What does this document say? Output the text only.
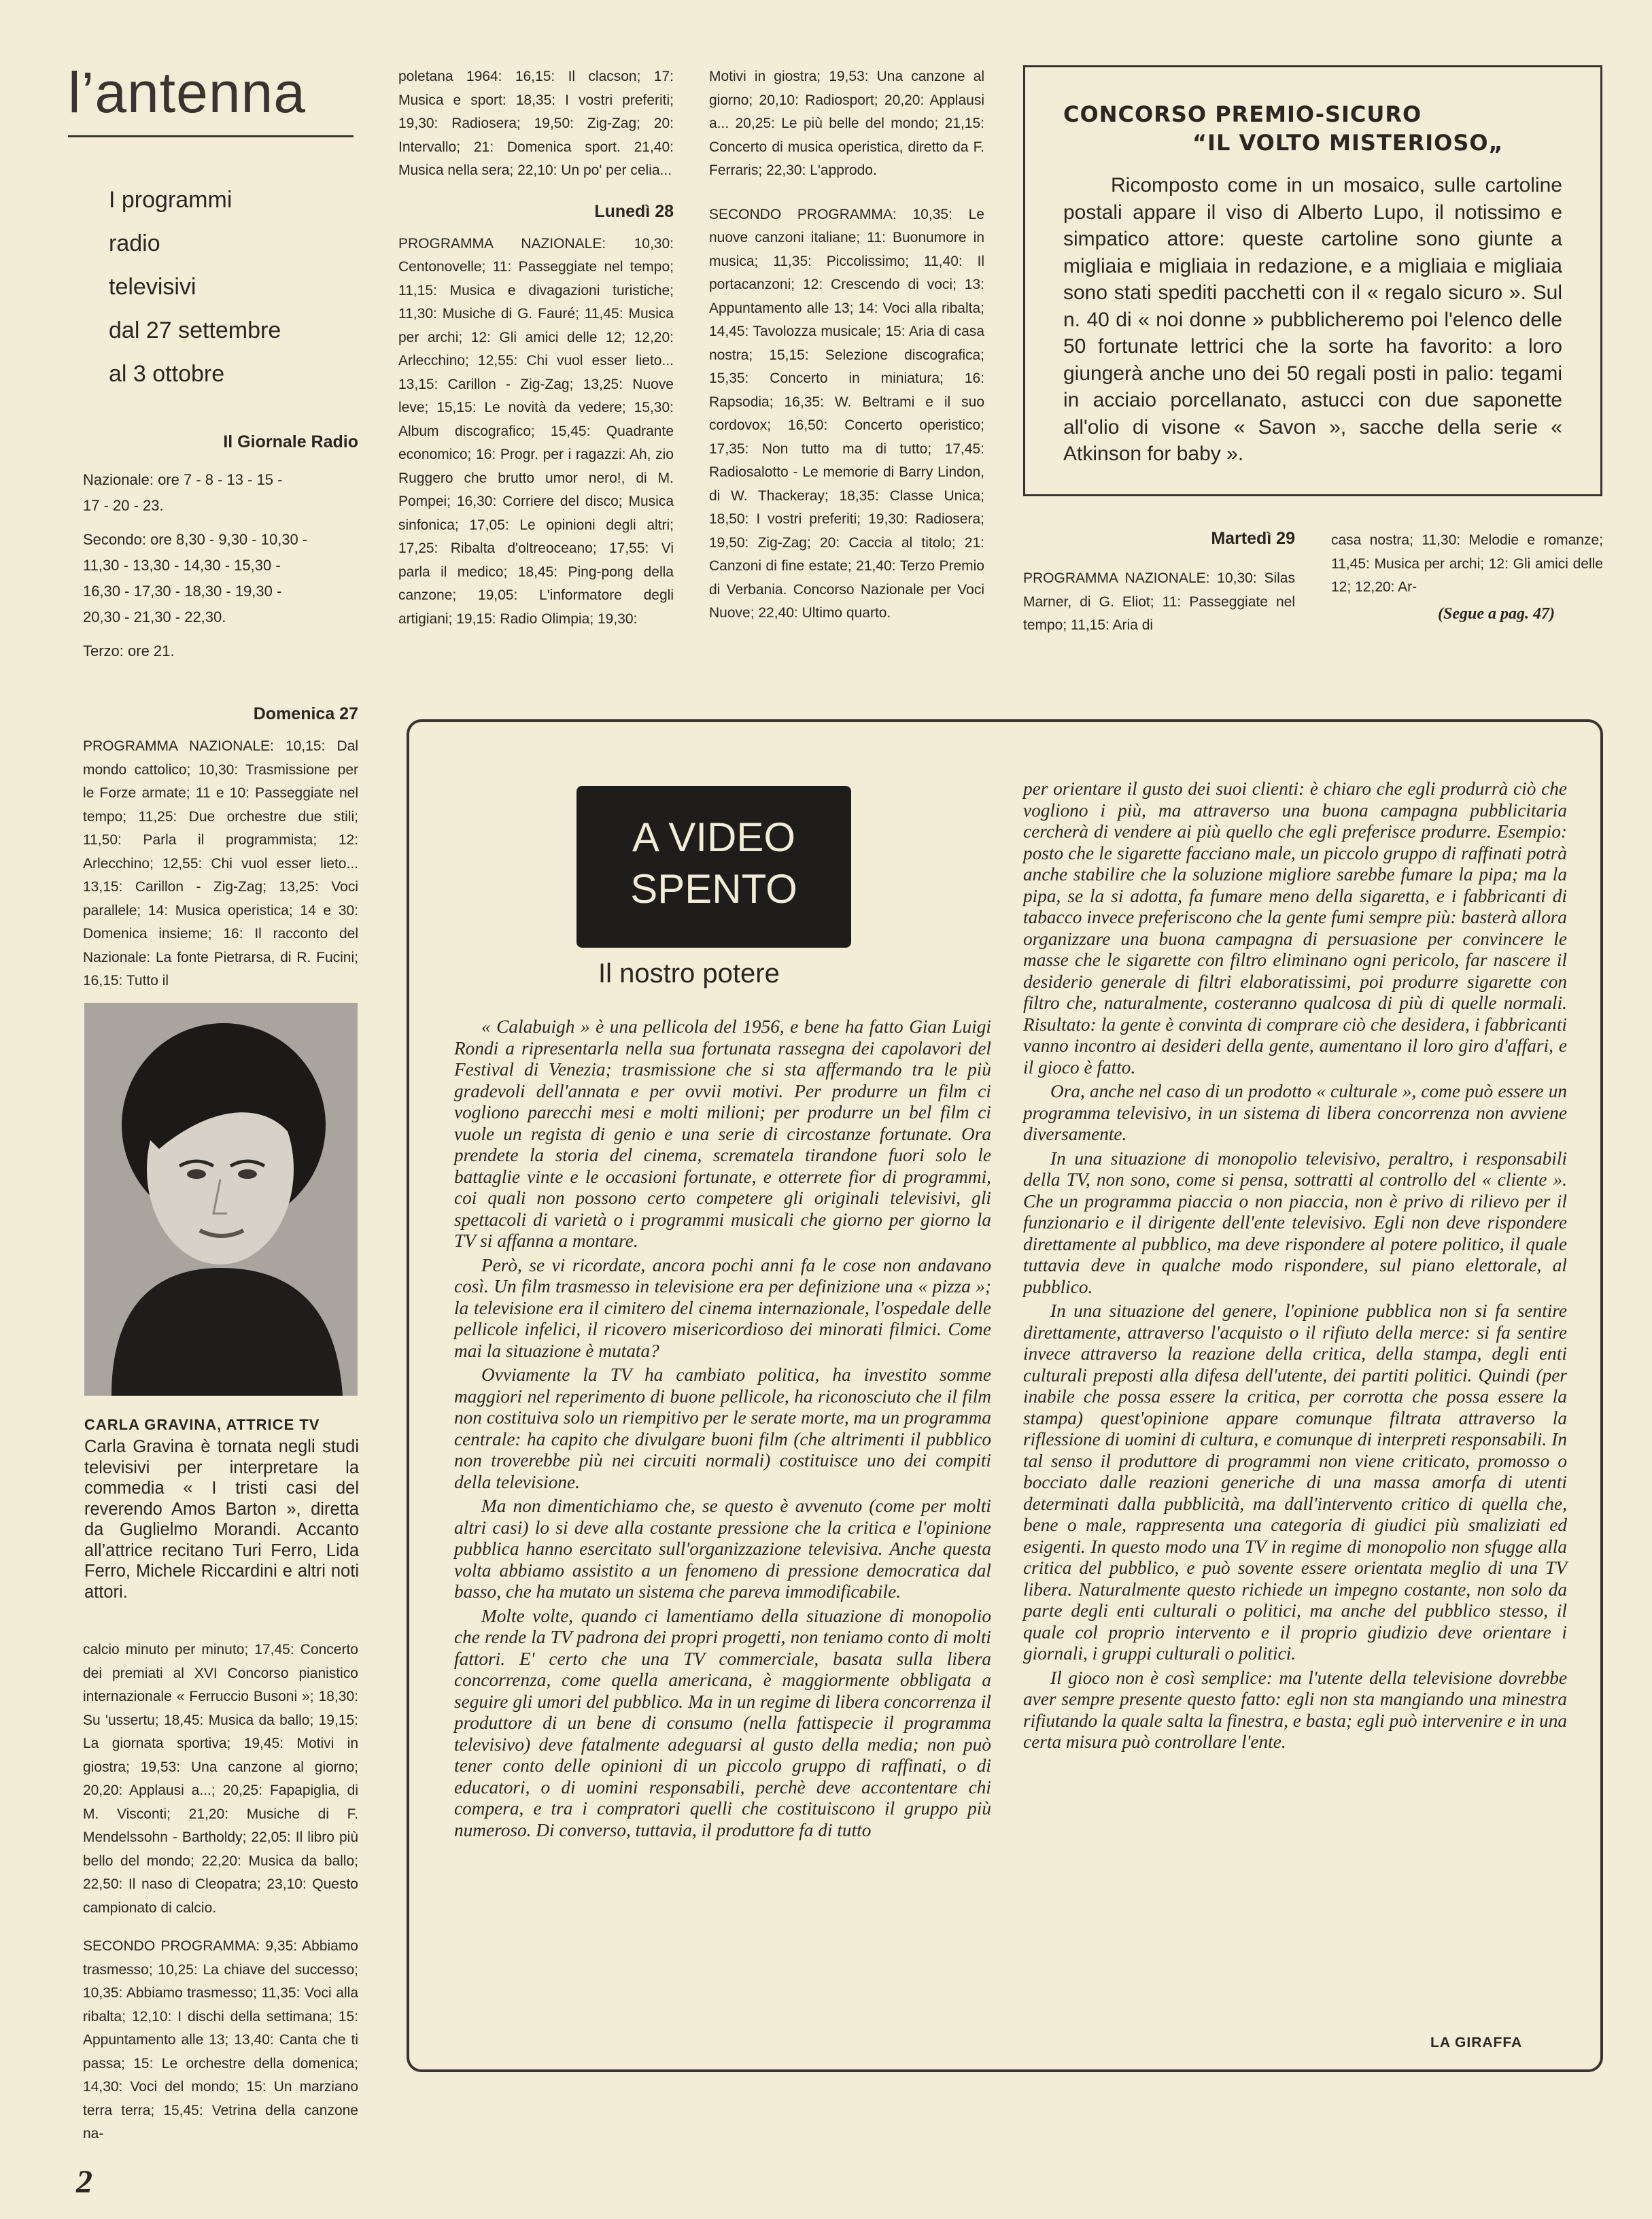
l’antenna
I programmi
radio
televisivi
dal 27 settembre
al 3 ottobre
Il Giornale Radio
Nazionale: ore 7 - 8 - 13 - 15 -
17 - 20 - 23.
Secondo: ore 8,30 - 9,30 - 10,30 -
11,30 - 13,30 - 14,30 - 15,30 -
16,30 - 17,30 - 18,30 - 19,30 -
20,30 - 21,30 - 22,30.
Terzo: ore 21.
Domenica 27

PROGRAMMA NAZIONALE: 10,15: Dal mondo cattolico; 10,30: Trasmissione per le Forze armate; 11 e 10: Passeggiate nel tempo; 11,25: Due orchestre due stili; 11,50: Parla il programmista; 12: Arlecchino; 12,55: Chi vuol esser lieto... 13,15: Carillon - Zig-Zag; 13,25: Voci parallele; 14: Musica operistica; 14 e 30: Domenica insieme; 16: Il racconto del Nazionale: La fonte Pietrarsa, di R. Fucini; 16,15: Tutto il

CARLA GRAVINA, ATTRICE TV
Carla Gravina è tornata negli studi televisivi per interpretare la commedia « I tristi casi del reverendo Amos Barton », diretta da Guglielmo Morandi. Accanto all’attrice recitano Turi Ferro, Lida Ferro, Michele Riccardini e altri noti attori.

calcio minuto per minuto; 17,45: Concerto dei premiati al XVI Concorso pianistico internazionale « Ferruccio Busoni »; 18,30: Su 'ussertu; 18,45: Musica da ballo; 19,15: La giornata sportiva; 19,45: Motivi in giostra; 19,53: Una canzone al giorno; 20,20: Applausi a...; 20,25: Fapapiglia, di M. Visconti; 21,20: Musiche di F. Mendelssohn - Bartholdy; 22,05: Il libro più bello del mondo; 22,20: Musica da ballo; 22,50: Il naso di Cleopatra; 23,10: Questo campionato di calcio.

SECONDO PROGRAMMA: 9,35: Abbiamo trasmesso; 10,25: La chiave del successo; 10,35: Abbiamo trasmesso; 11,35: Voci alla ribalta; 12,10: I dischi della settimana; 15: Appuntamento alle 13; 13,40: Canta che ti passa; 15: Le orchestre della domenica; 14,30: Voci del mondo; 15: Un marziano terra terra; 15,45: Vetrina della canzone na-

poletana 1964: 16,15: Il clacson; 17: Musica e sport: 18,35: I vostri preferiti; 19,30: Radiosera; 19,50: Zig-Zag; 20: Intervallo; 21: Domenica sport. 21,40: Musica nella sera; 22,10: Un po' per celia...

Lunedì 28

PROGRAMMA NAZIONALE: 10,30: Centonovelle; 11: Passeggiate nel tempo; 11,15: Musica e divagazioni turistiche; 11,30: Musiche di G. Fauré; 11,45: Musica per archi; 12: Gli amici delle 12; 12,20: Arlecchino; 12,55: Chi vuol esser lieto... 13,15: Carillon - Zig-Zag; 13,25: Nuove leve; 15,15: Le novità da vedere; 15,30: Album discografico; 15,45: Quadrante economico; 16: Progr. per i ragazzi: Ah, zio Ruggero che brutto umor nero!, di M. Pompei; 16,30: Corriere del disco; Musica sinfonica; 17,05: Le opinioni degli altri; 17,25: Ribalta d'oltreoceano; 17,55: Vi parla il medico; 18,45: Ping-pong della canzone; 19,05: L'informatore degli artigiani; 19,15: Radio Olimpia; 19,30:

Motivi in giostra; 19,53: Una canzone al giorno; 20,10: Radiosport; 20,20: Applausi a... 20,25: Le più belle del mondo; 21,15: Concerto di musica operistica, diretto da F. Ferraris; 22,30: L'approdo.

SECONDO PROGRAMMA: 10,35: Le nuove canzoni italiane; 11: Buonumore in musica; 11,35: Piccolissimo; 11,40: Il portacanzoni; 12: Crescendo di voci; 13: Appuntamento alle 13; 14: Voci alla ribalta; 14,45: Tavolozza musicale; 15: Aria di casa nostra; 15,15: Selezione discografica; 15,35: Concerto in miniatura; 16: Rapsodia; 16,35: W. Beltrami e il suo cordovox; 16,50: Concerto operistico; 17,35: Non tutto ma di tutto; 17,45: Radiosalotto - Le memorie di Barry Lindon, di W. Thackeray; 18,35: Classe Unica; 18,50: I vostri preferiti; 19,30: Radiosera; 19,50: Zig-Zag; 20: Caccia al titolo; 21: Canzoni di fine estate; 21,40: Terzo Premio di Verbania. Concorso Nazionale per Voci Nuove; 22,40: Ultimo quarto.

CONCORSO PREMIO-SICURO
“IL VOLTO MISTERIOSO„
Ricomposto come in un mosaico, sulle cartoline postali appare il viso di Alberto Lupo, il notissimo e simpatico attore: queste cartoline sono giunte a migliaia e migliaia in redazione, e a migliaia e migliaia sono stati spediti pacchetti con il « regalo sicuro ». Sul n. 40 di « noi donne » pubblicheremo poi l'elenco delle 50 fortunate lettrici che la sorte ha favorito: a loro giungerà anche uno dei 50 regali posti in palio: tegami in acciaio porcellanato, astucci con due saponette all'olio di visone « Savon », sacche della serie « Atkinson for baby ».
Martedì 29

PROGRAMMA NAZIONALE: 10,30: Silas Marner, di G. Eliot; 11: Passeggiate nel tempo; 11,15: Aria di

casa nostra; 11,30: Melodie e romanze; 11,45: Musica per archi; 12: Gli amici delle 12; 12,20: Ar-

(Segue a pag. 47)
A VIDEO
SPENTO
Il nostro potere

« Calabuigh » è una pellicola del 1956, e bene ha fatto Gian Luigi Rondi a ripresentarla nella sua fortunata rassegna dei capolavori del Festival di Venezia; trasmissione che si sta affermando tra le più gradevoli dell'annata e per ovvii motivi. Per produrre un film ci vogliono parecchi mesi e molti milioni; per produrre un bel film ci vuole un regista di genio e una serie di circostanze fortunate. Ora prendete la storia del cinema, scrematela tirandone fuori solo le battaglie vinte e le occasioni fortunate, e otterrete fior di programmi, coi quali non possono certo competere gli originali televisivi, gli spettacoli di varietà o i programmi musicali che giorno per giorno la TV si affanna a montare.

Però, se vi ricordate, ancora pochi anni fa le cose non andavano così. Un film trasmesso in televisione era per definizione una « pizza »; la televisione era il cimitero del cinema internazionale, l'ospedale delle pellicole infelici, il ricovero misericordioso dei minorati filmici. Come mai la situazione è mutata?

Ovviamente la TV ha cambiato politica, ha investito somme maggiori nel reperimento di buone pellicole, ha riconosciuto che il film non costituiva solo un riempitivo per le serate morte, ma un programma centrale: ha capito che divulgare buoni film (che altrimenti il pubblico non troverebbe più nei circuiti normali) costituisce uno dei compiti della televisione.

Ma non dimentichiamo che, se questo è avvenuto (come per molti altri casi) lo si deve alla costante pressione che la critica e l'opinione pubblica hanno esercitato sull'organizzazione televisiva. Anche questa volta abbiamo assistito a un fenomeno di pressione democratica dal basso, che ha mutato un sistema che pareva immodificabile.

Molte volte, quando ci lamentiamo della situazione di monopolio che rende la TV padrona dei propri progetti, non teniamo conto di molti fattori. E' certo che una TV commerciale, basata sulla libera concorrenza, come quella americana, è maggiormente obbligata a seguire gli umori del pubblico. Ma in un regime di libera concorrenza il produttore di un bene di consumo (nella fattispecie il programma televisivo) deve fatalmente adeguarsi al gusto della media; non può tener conto delle opinioni di un piccolo gruppo di raffinati, o di educatori, o di uomini responsabili, perchè deve accontentare chi compera, e tra i compratori quelli che costituiscono il gruppo più numeroso. Di converso, tuttavia, il produttore fa di tutto

per orientare il gusto dei suoi clienti: è chiaro che egli produrrà ciò che vogliono i più, ma attraverso una buona campagna pubblicitaria cercherà di vendere ai più quello che egli preferisce produrre. Esempio: posto che le sigarette facciano male, un piccolo gruppo di raffinati potrà anche stabilire che la soluzione migliore sarebbe fumare la pipa; ma la pipa, se la si adotta, fa fumare meno della sigaretta, e i fabbricanti di tabacco invece preferiscono che la gente fumi sempre più: basterà allora organizzare una buona campagna di persuasione per convincere le masse che le sigarette con filtro eliminano ogni pericolo, far nascere il desiderio generale di filtri elaboratissimi, poi produrre sigarette con filtro che, naturalmente, costeranno qualcosa di più di quelle normali. Risultato: la gente è convinta di comprare ciò che desidera, i fabbricanti vanno incontro ai desideri della gente, aumentano il loro giro d'affari, e il gioco è fatto.

Ora, anche nel caso di un prodotto « culturale », come può essere un programma televisivo, in un sistema di libera concorrenza non avviene diversamente.

In una situazione di monopolio televisivo, peraltro, i responsabili della TV, non sono, come si pensa, sottratti al controllo del « cliente ». Che un programma piaccia o non piaccia, non è privo di rilievo per il funzionario e il dirigente dell'ente televisivo. Egli non deve rispondere direttamente al pubblico, ma deve rispondere al potere politico, il quale tuttavia deve in qualche modo rispondere, sul piano elettorale, al pubblico.

In una situazione del genere, l'opinione pubblica non si fa sentire direttamente, attraverso l'acquisto o il rifiuto della merce: si fa sentire invece attraverso la reazione della critica, della stampa, degli enti culturali preposti alla difesa dell'utente, dei partiti politici. Quindi (per inabile che possa essere la critica, per corrotta che possa essere la stampa) quest'opinione appare comunque filtrata attraverso la riflessione di uomini di cultura, e comunque di interpreti responsabili. In tal senso il produttore di programmi non viene criticato, promosso o bocciato dalle reazioni generiche di una massa amorfa di utenti determinati dalla pubblicità, ma dall'intervento critico di quella che, bene o male, rappresenta una categoria di giudici più smaliziati ed esigenti. In questo modo una TV in regime di monopolio non sfugge alla critica del pubblico, e può sovente essere orientata meglio di una TV libera. Naturalmente questo richiede un impegno costante, non solo da parte degli enti culturali o politici, ma anche del pubblico stesso, il quale col proprio intervento e il proprio giudizio deve orientare i giornali, i gruppi culturali o politici.

Il gioco non è così semplice: ma l'utente della televisione dovrebbe aver sempre presente questo fatto: egli non sta mangiando una minestra rifiutando la quale salta la finestra, e basta; egli può intervenire e in una certa misura può controllare l'ente.

LA GIRAFFA
2
